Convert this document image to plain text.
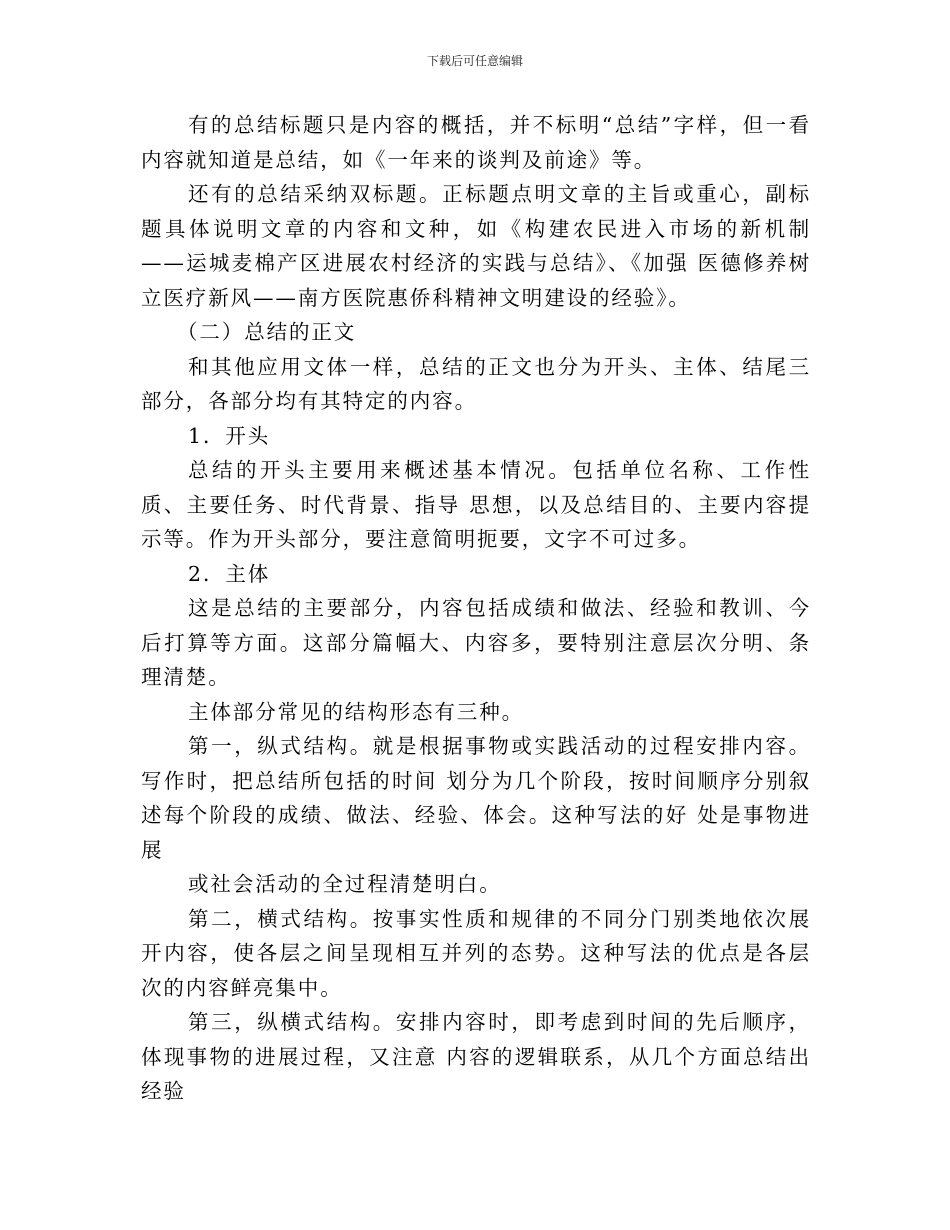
下载后可任意编辑

有的总结标题只是内容的概括，并不标明“总结”字样，但一看内容就知道是总结，如《一年来的谈判及前途》等。

还有的总结采纳双标题。正标题点明文章的主旨或重心，副标题具体说明文章的内容和文种，如《构建农民进入市场的新机制——运城麦棉产区进展农村经济的实践与总结》、《加强 医德修养树立医疗新风——南方医院惠侨科精神文明建设的经验》。

（二）总结的正文

和其他应用文体一样，总结的正文也分为开头、主体、结尾三部分，各部分均有其特定的内容。

1．开头

总结的开头主要用来概述基本情况。包括单位名称、工作性质、主要任务、时代背景、指导 思想，以及总结目的、主要内容提示等。作为开头部分，要注意简明扼要，文字不可过多。

2．主体

这是总结的主要部分，内容包括成绩和做法、经验和教训、今后打算等方面。这部分篇幅大、内容多，要特别注意层次分明、条理清楚。

主体部分常见的结构形态有三种。

第一，纵式结构。就是根据事物或实践活动的过程安排内容。写作时，把总结所包括的时间 划分为几个阶段，按时间顺序分别叙述每个阶段的成绩、做法、经验、体会。这种写法的好 处是事物进展

或社会活动的全过程清楚明白。

第二，横式结构。按事实性质和规律的不同分门别类地依次展开内容，使各层之间呈现相互并列的态势。这种写法的优点是各层次的内容鲜亮集中。

第三，纵横式结构。安排内容时，即考虑到时间的先后顺序，体现事物的进展过程，又注意 内容的逻辑联系，从几个方面总结出经验
